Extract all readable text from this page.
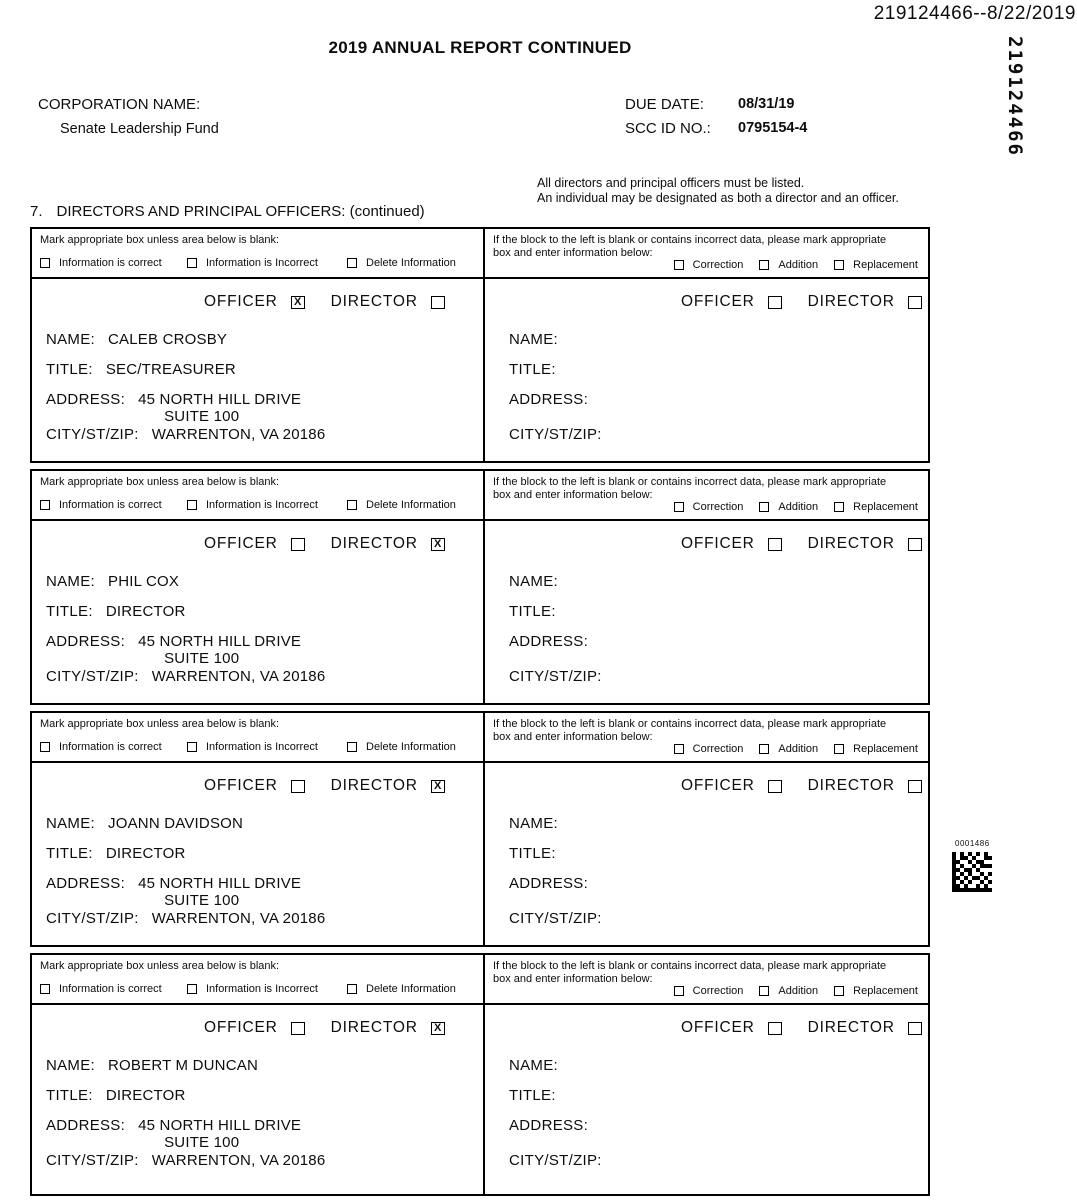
219124466--8/22/2019
219124466
2019 ANNUAL REPORT CONTINUED
CORPORATION NAME:
Senate Leadership Fund
DUE DATE: 08/31/19
SCC ID NO.: 0795154-4
All directors and principal officers must be listed.
An individual may be designated as both a director and an officer.
7. DIRECTORS AND PRINCIPAL OFFICERS: (continued)
Mark appropriate box unless area below is blank:
Information is correct	Information is Incorrect	Delete Information
If the block to the left is blank or contains incorrect data, please mark appropriate box and enter information below:
Correction	Addition	Replacement
OFFICER	X DIRECTOR
NAME: CALEB CROSBY
TITLE: SEC/TREASURER
ADDRESS: 45 NORTH HILL DRIVE
SUITE 100
CITY/ST/ZIP: WARRENTON, VA 20186
OFFICER	DIRECTOR
NAME:
TITLE:
ADDRESS:
CITY/ST/ZIP:
Mark appropriate box unless area below is blank:
Information is correct	Information is Incorrect	Delete Information
If the block to the left is blank or contains incorrect data, please mark appropriate box and enter information below:
Correction	Addition	Replacement
OFFICER	DIRECTOR	X
NAME: PHIL COX
TITLE: DIRECTOR
ADDRESS: 45 NORTH HILL DRIVE
SUITE 100
CITY/ST/ZIP: WARRENTON, VA 20186
OFFICER	DIRECTOR
NAME:
TITLE:
ADDRESS:
CITY/ST/ZIP:
Mark appropriate box unless area below is blank:
Information is correct	Information is Incorrect	Delete Information
If the block to the left is blank or contains incorrect data, please mark appropriate box and enter information below:
Correction	Addition	Replacement
OFFICER	DIRECTOR	X
NAME: JOANN DAVIDSON
TITLE: DIRECTOR
ADDRESS: 45 NORTH HILL DRIVE
SUITE 100
CITY/ST/ZIP: WARRENTON, VA 20186
OFFICER	DIRECTOR
NAME:
TITLE:
ADDRESS:
CITY/ST/ZIP:
Mark appropriate box unless area below is blank:
Information is correct	Information is Incorrect	Delete Information
If the block to the left is blank or contains incorrect data, please mark appropriate box and enter information below:
Correction	Addition	Replacement
OFFICER	DIRECTOR	X
NAME: ROBERT M DUNCAN
TITLE: DIRECTOR
ADDRESS: 45 NORTH HILL DRIVE
SUITE 100
CITY/ST/ZIP: WARRENTON, VA 20186
OFFICER	DIRECTOR
NAME:
TITLE:
ADDRESS:
CITY/ST/ZIP:
0001486
